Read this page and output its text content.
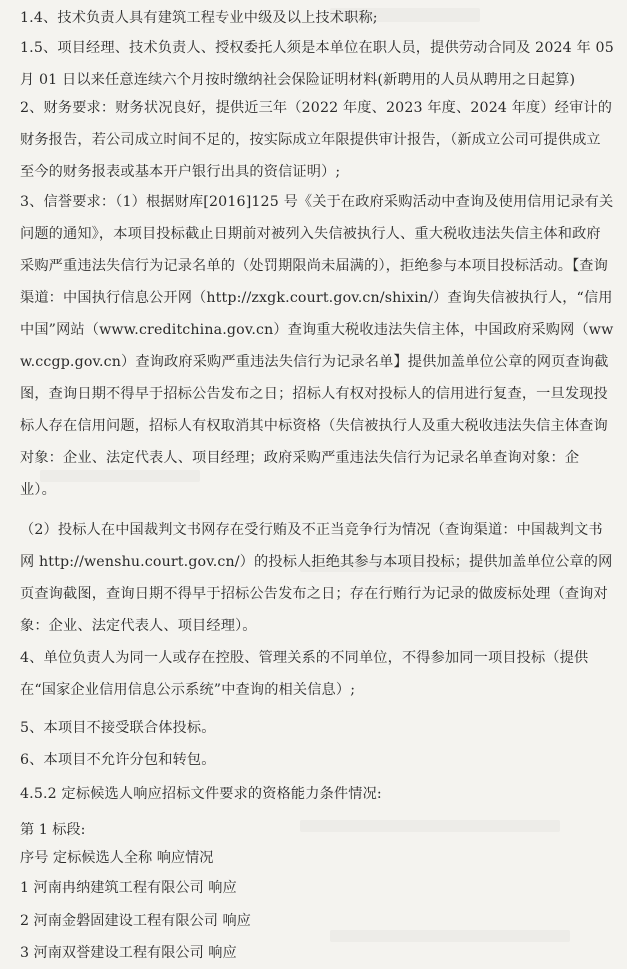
1.4、技术负责人具有建筑工程专业中级及以上技术职称;
1.5、项目经理、技术负责人、授权委托人须是本单位在职人员，提供劳动合同及 2024 年 05 月 01 日以来任意连续六个月按时缴纳社会保险证明材料(新聘用的人员从聘用之日起算)
2、财务要求：财务状况良好，提供近三年（2022 年度、2023 年度、2024 年度）经审计的财务报告，若公司成立时间不足的，按实际成立年限提供审计报告，（新成立公司可提供成立至今的财务报表或基本开户银行出具的资信证明）;
3、信誉要求：（1）根据财库[2016]125 号《关于在政府采购活动中查询及使用信用记录有关问题的通知》，本项目投标截止日期前对被列入失信被执行人、重大税收违法失信主体和政府采购严重违法失信行为记录名单的（处罚期限尚未届满的），拒绝参与本项目投标活动。【查询渠道：中国执行信息公开网（http://zxgk.court.gov.cn/shixin/）查询失信被执行人，“信用中国”网站（www.creditchina.gov.cn）查询重大税收违法失信主体，中国政府采购网（www.ccgp.gov.cn）查询政府采购严重违法失信行为记录名单】提供加盖单位公章的网页查询截图，查询日期不得早于招标公告发布之日；招标人有权对投标人的信用进行复查，一旦发现投标人存在信用问题，招标人有权取消其中标资格（失信被执行人及重大税收违法失信主体查询对象：企业、法定代表人、项目经理；政府采购严重违法失信行为记录名单查询对象：企业）。
（2）投标人在中国裁判文书网存在受行贿及不正当竞争行为情况（查询渠道：中国裁判文书网 http://wenshu.court.gov.cn/）的投标人拒绝其参与本项目投标；提供加盖单位公章的网页查询截图，查询日期不得早于招标公告发布之日；存在行贿行为记录的做废标处理（查询对象：企业、法定代表人、项目经理）。
4、单位负责人为同一人或存在控股、管理关系的不同单位，不得参加同一项目投标（提供在“国家企业信用信息公示系统”中查询的相关信息）;
5、本项目不接受联合体投标。
6、本项目不允许分包和转包。
4.5.2 定标候选人响应招标文件要求的资格能力条件情况:
第 1 标段:
序号 定标候选人全称 响应情况
1 河南冉纳建筑工程有限公司 响应
2 河南金磐固建设工程有限公司 响应
3 河南双誉建设工程有限公司 响应
